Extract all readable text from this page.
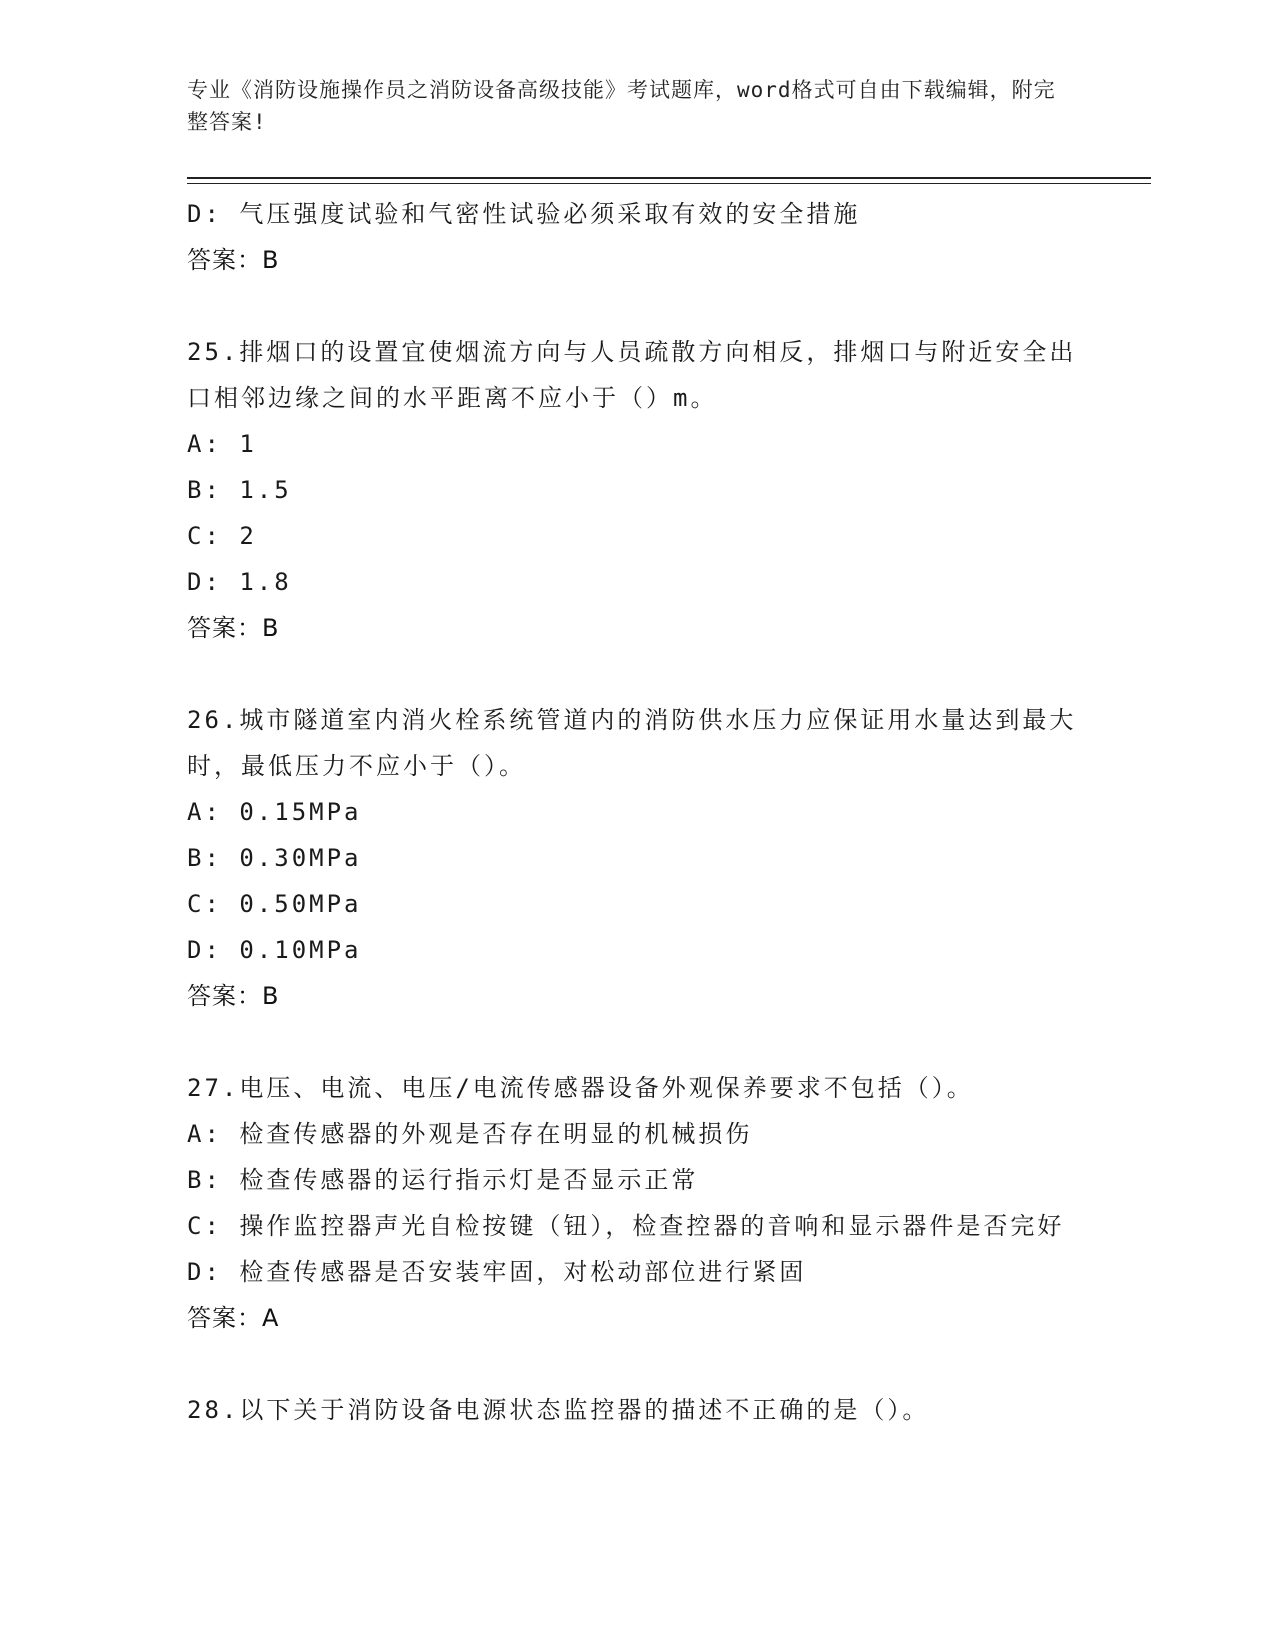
专业《消防设施操作员之消防设备高级技能》考试题库，word格式可自由下载编辑，附完整答案!
D: 气压强度试验和气密性试验必须采取有效的安全措施
答案：B
25.排烟口的设置宜使烟流方向与人员疏散方向相反，排烟口与附近安全出口相邻边缘之间的水平距离不应小于（）m。
A: 1
B: 1.5
C: 2
D: 1.8
答案：B
26.城市隧道室内消火栓系统管道内的消防供水压力应保证用水量达到最大时，最低压力不应小于（）。
A: 0.15MPa
B: 0.30MPa
C: 0.50MPa
D: 0.10MPa
答案：B
27.电压、电流、电压/电流传感器设备外观保养要求不包括（）。
A: 检查传感器的外观是否存在明显的机械损伤
B: 检查传感器的运行指示灯是否显示正常
C: 操作监控器声光自检按键（钮），检查控器的音响和显示器件是否完好
D: 检查传感器是否安装牢固，对松动部位进行紧固
答案：A
28.以下关于消防设备电源状态监控器的描述不正确的是（）。
